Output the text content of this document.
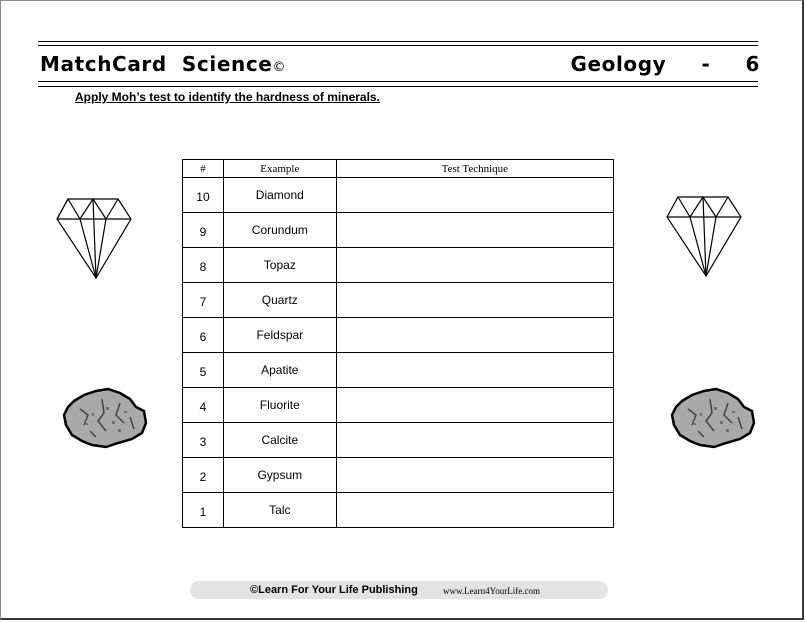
MatchCard  Science©	Geology  -  6
Apply Moh’s test to identify the hardness of minerals.
#	Example	Test Technique
10	Diamond	
9	Corundum	
8	Topaz	
7	Quartz	
6	Feldspar	
5	Apatite	
4	Fluorite	
3	Calcite	
2	Gypsum	
1	Talc	
©Learn For Your Life Publishing	www.Learn4YourLife.com
